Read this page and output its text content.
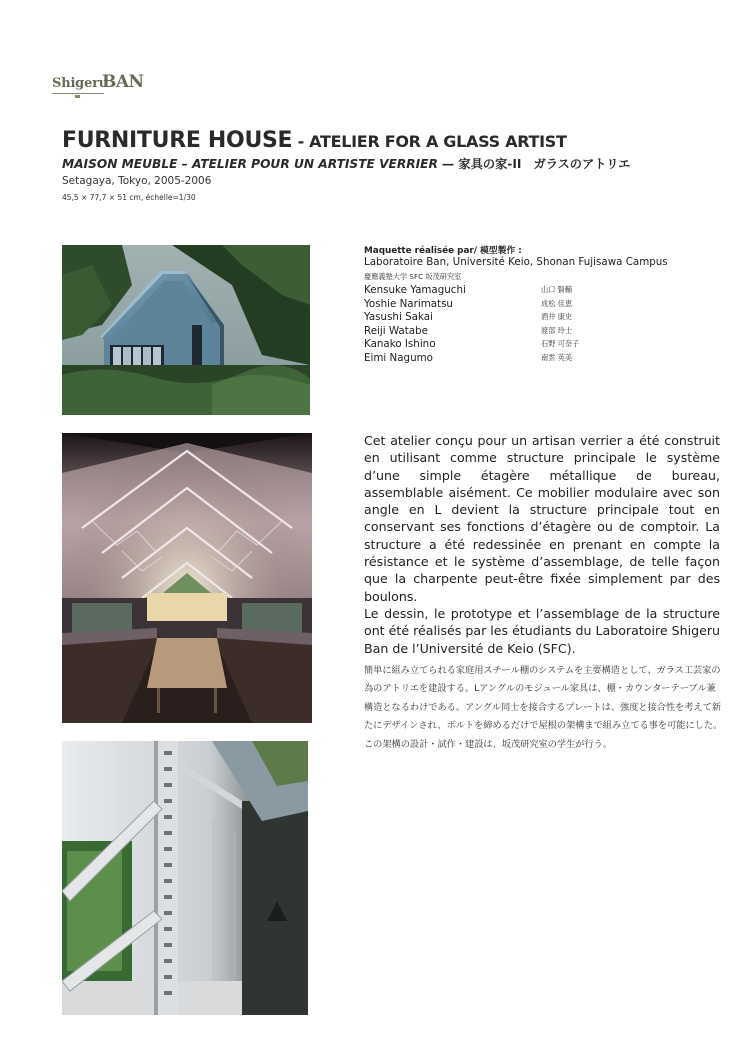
Shigeru
BAN
FURNITURE HOUSE - ATELIER FOR A GLASS ARTIST
MAISON MEUBLE – ATELIER POUR UN ARTISTE VERRIER — 家具の家-II　ガラスのアトリエ
Setagaya, Tokyo, 2005-2006
45,5 × 77,7 × 51 cm, échelle=1/30
Maquette réalisée par/ 模型製作 :
Laboratoire Ban, Université Keio, Shonan Fujisawa Campus
慶應義塾大学 SFC 坂茂研究室
Kensuke Yamaguchi	山口 賢輔
Yoshie Narimatsu	成松 佳恵
Yasushi Sakai	酒井 康史
Reiji Watabe	渡部 玲士
Kanako Ishino	石野 可奈子
Eimi Nagumo	南雲 英美

Cet atelier conçu pour un artisan verrier a été construit en utilisant comme structure principale le système d’une simple étagère métallique de bureau, assemblable aisément. Ce mobilier modulaire avec son angle en L devient la structure principale tout en conservant ses fonctions d’étagère ou de comptoir. La structure a été redessinée en prenant en compte la résistance et le système d’assemblage, de telle façon que la charpente peut-être fixée simplement par des boulons.

Le dessin, le prototype et l’assemblage de la structure ont été réalisés par les étudiants du Laboratoire Shigeru Ban de l’Université de Keio (SFC).

簡単に組み立てられる家庭用スチール棚のシステムを主要構造として、ガラス工芸家の為のアトリエを建設する。Lアングルのモジュール家具は、棚・カウンターテーブル兼構造となるわけである。アングル同士を接合するプレートは、強度と接合性を考えて新たにデザインされ、ボルトを締めるだけで屋根の架構まで組み立てる事を可能にした。この架構の設計・試作・建設は、坂茂研究室の学生が行う。
